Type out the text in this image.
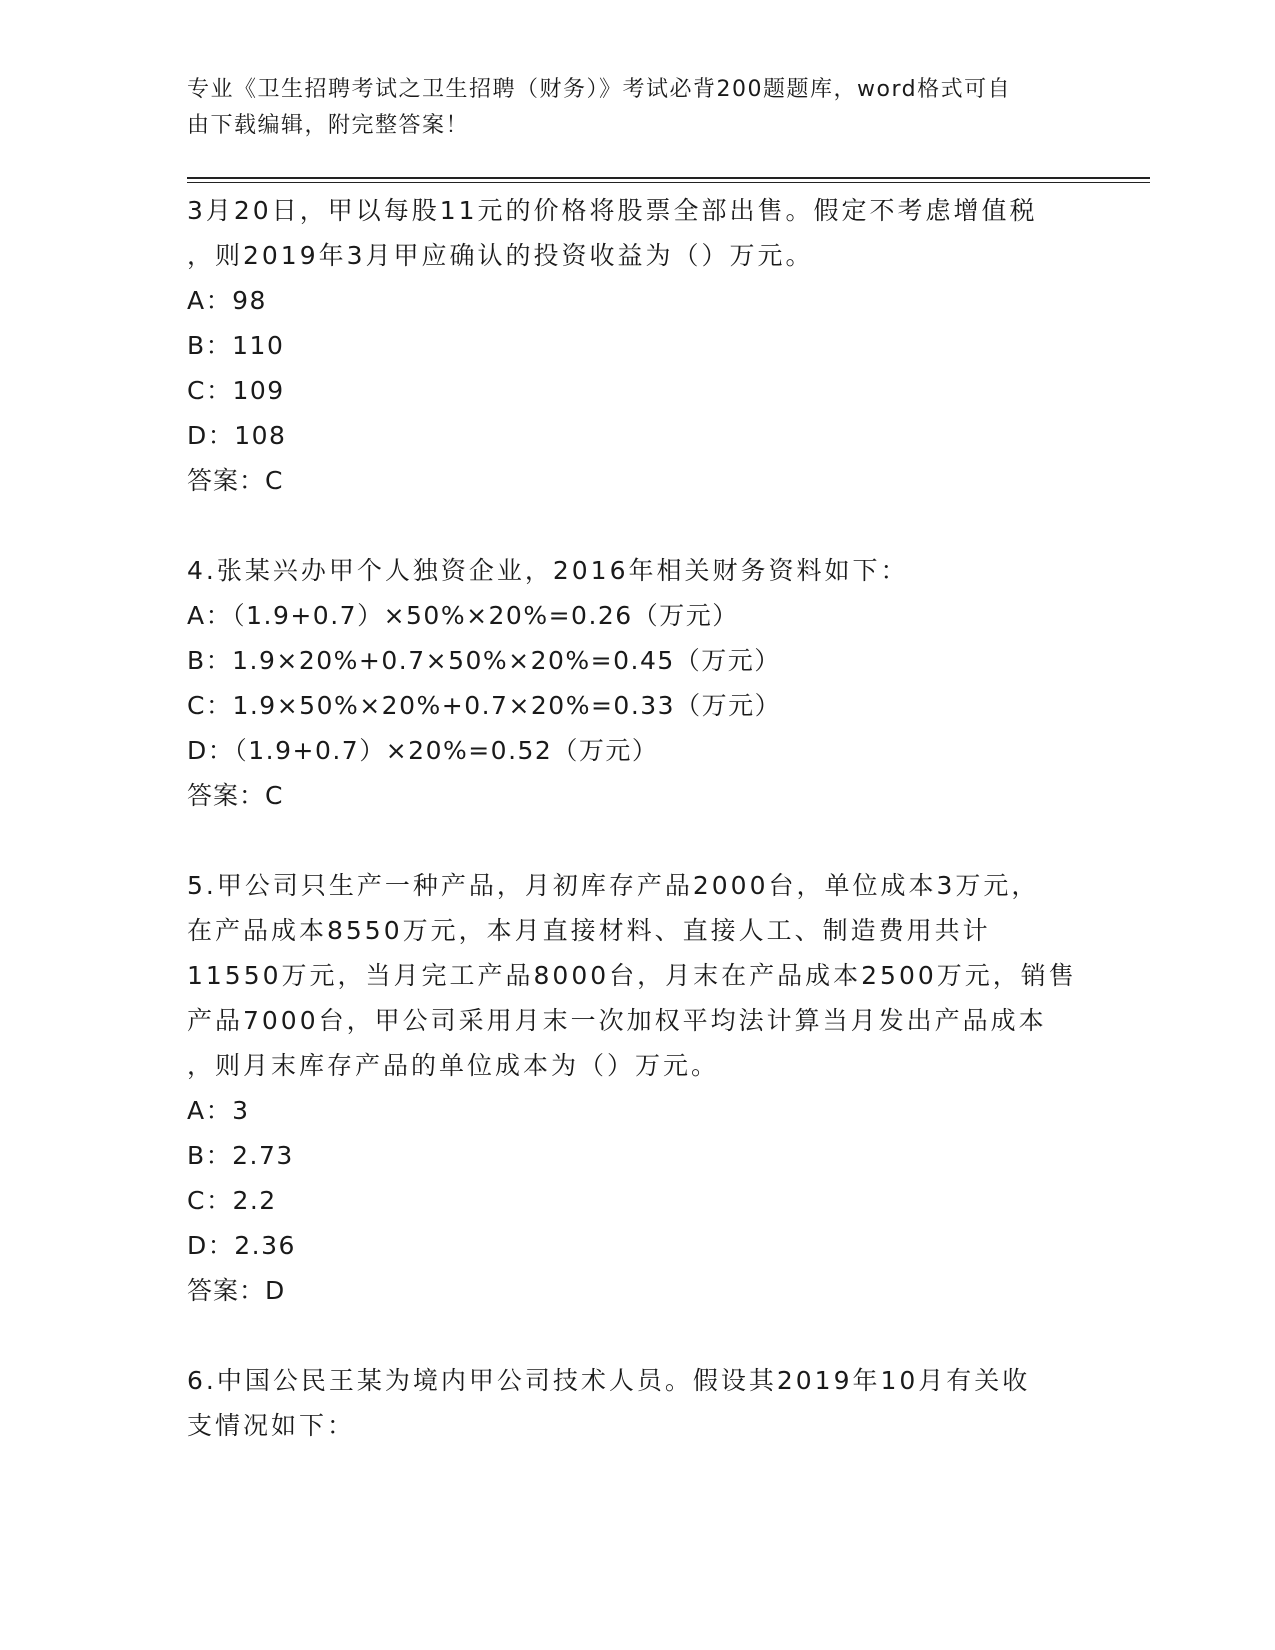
专业《卫生招聘考试之卫生招聘（财务）》考试必背200题题库，word格式可自
由下载编辑，附完整答案！

3月20日，甲以每股11元的价格将股票全部出售。假定不考虑增值税

，则2019年3月甲应确认的投资收益为（）万元。

A：98

B：110

C：109

D：108

答案：C

4.张某兴办甲个人独资企业，2016年相关财务资料如下：

A：（1.9+0.7）×50%×20%=0.26（万元）

B：1.9×20%+0.7×50%×20%=0.45（万元）

C：1.9×50%×20%+0.7×20%=0.33（万元）

D：（1.9+0.7）×20%=0.52（万元）

答案：C

5.甲公司只生产一种产品，月初库存产品2000台，单位成本3万元，

在产品成本8550万元，本月直接材料、直接人工、制造费用共计

11550万元，当月完工产品8000台，月末在产品成本2500万元，销售

产品7000台，甲公司采用月末一次加权平均法计算当月发出产品成本

，则月末库存产品的单位成本为（）万元。

A：3

B：2.73

C：2.2

D：2.36

答案：D

6.中国公民王某为境内甲公司技术人员。假设其2019年10月有关收

支情况如下：
